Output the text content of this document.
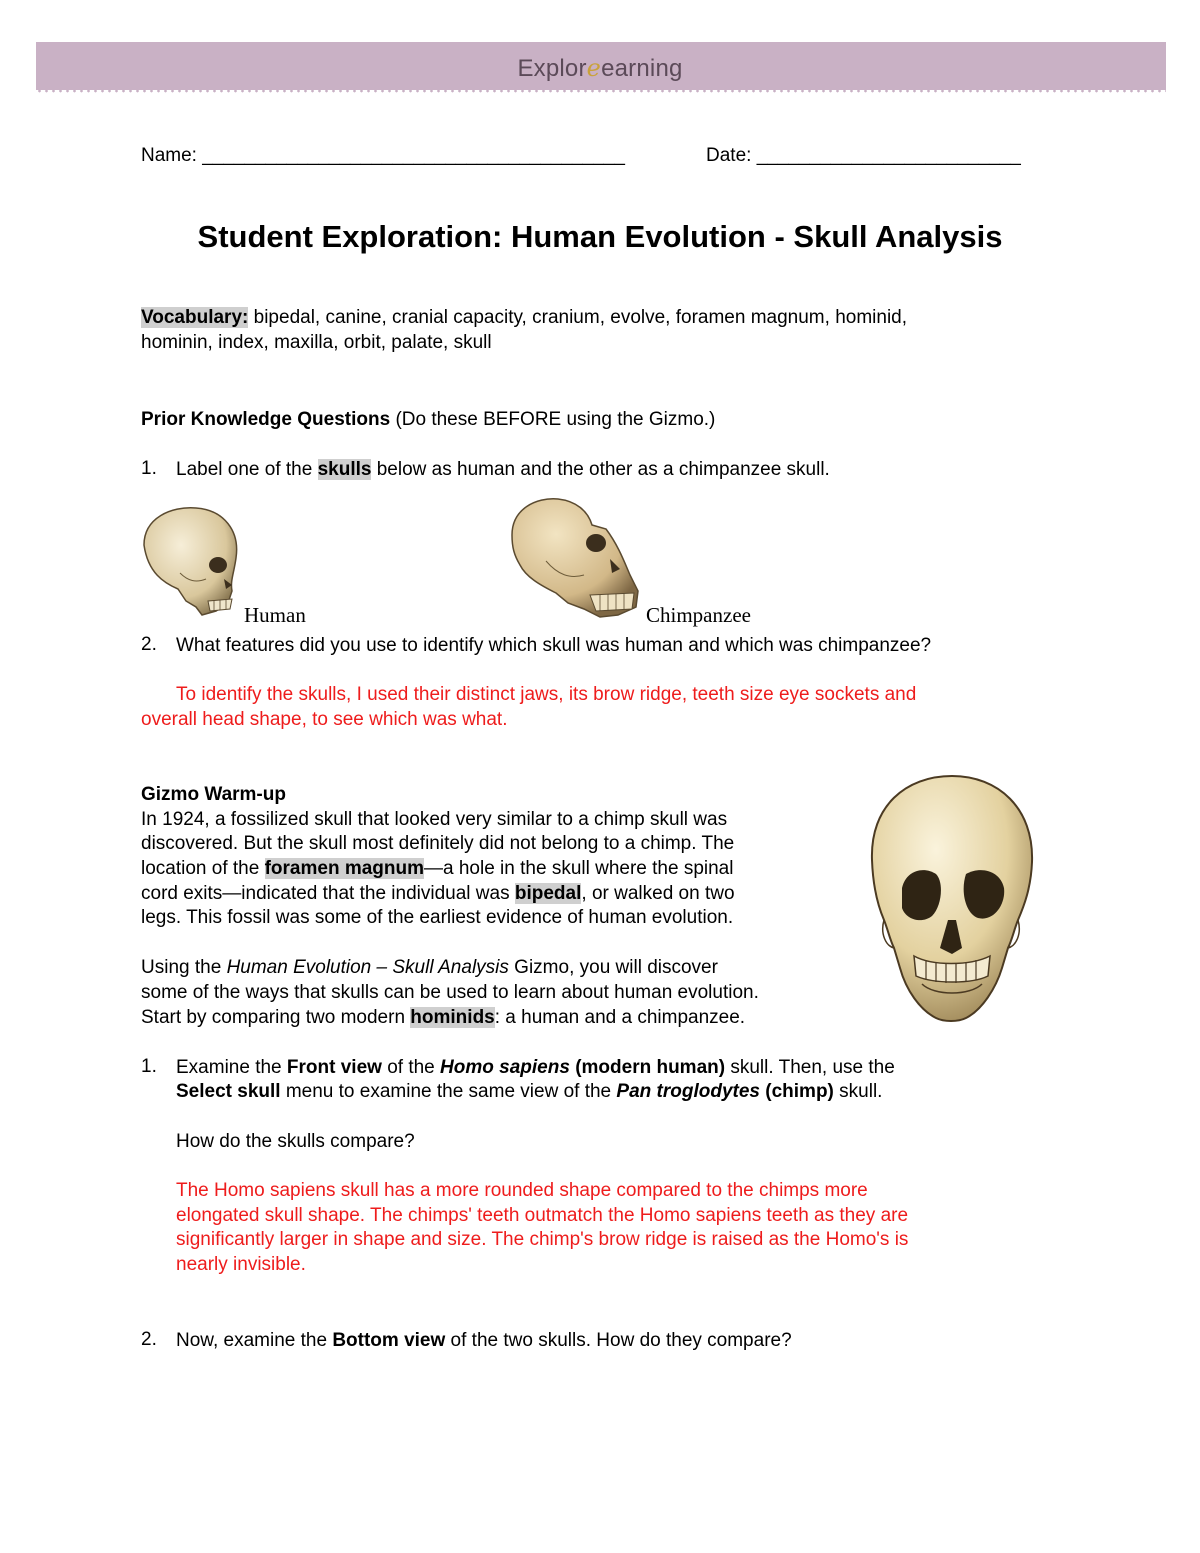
Exploreearning
Name: ________________________________________	Date: _________________________
Student Exploration: Human Evolution - Skull Analysis
Vocabulary: bipedal, canine, cranial capacity, cranium, evolve, foramen magnum, hominid,
hominin, index, maxilla, orbit, palate, skull
Prior Knowledge Questions (Do these BEFORE using the Gizmo.)
1. Label one of the skulls below as human and the other as a chimpanzee skull.
Human	Chimpanzee
2. What features did you use to identify which skull was human and which was chimpanzee?
To identify the skulls, I used their distinct jaws, its brow ridge, teeth size eye sockets and
overall head shape, to see which was what.
Gizmo Warm-up
In 1924, a fossilized skull that looked very similar to a chimp skull was
discovered. But the skull most definitely did not belong to a chimp. The
location of the foramen magnum—a hole in the skull where the spinal
cord exits—indicated that the individual was bipedal, or walked on two
legs. This fossil was some of the earliest evidence of human evolution.
Using the Human Evolution – Skull Analysis Gizmo, you will discover
some of the ways that skulls can be used to learn about human evolution.
Start by comparing two modern hominids: a human and a chimpanzee.
1. Examine the Front view of the Homo sapiens (modern human) skull. Then, use the
Select skull menu to examine the same view of the Pan troglodytes (chimp) skull.
How do the skulls compare?
The Homo sapiens skull has a more rounded shape compared to the chimps more
elongated skull shape. The chimps' teeth outmatch the Homo sapiens teeth as they are
significantly larger in shape and size. The chimp's brow ridge is raised as the Homo's is
nearly invisible.
2. Now, examine the Bottom view of the two skulls. How do they compare?
